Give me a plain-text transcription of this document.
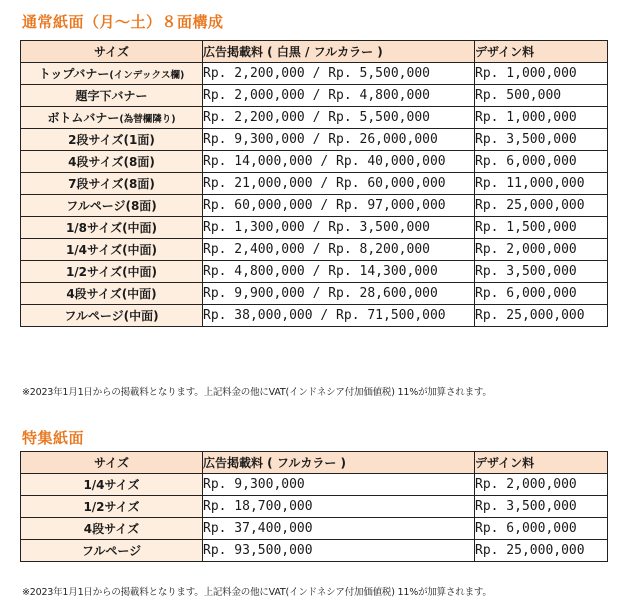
通常紙面（月〜土）８面構成
サイズ	広告掲載料 ( 白黒 / フルカラー )	デザイン料
トップバナー(インデックス欄)	Rp. 2,200,000 / Rp. 5,500,000	Rp. 1,000,000
題字下バナー	Rp. 2,000,000 / Rp. 4,800,000	Rp. 500,000
ボトムバナー(為替欄隣り)	Rp. 2,200,000 / Rp. 5,500,000	Rp. 1,000,000
2段サイズ(1面)	Rp. 9,300,000 / Rp. 26,000,000	Rp. 3,500,000
4段サイズ(8面)	Rp. 14,000,000 / Rp. 40,000,000	Rp. 6,000,000
7段サイズ(8面)	Rp. 21,000,000 / Rp. 60,000,000	Rp. 11,000,000
フルページ(8面)	Rp. 60,000,000 / Rp. 97,000,000	Rp. 25,000,000
1/8サイズ(中面)	Rp. 1,300,000 / Rp. 3,500,000	Rp. 1,500,000
1/4サイズ(中面)	Rp. 2,400,000 / Rp. 8,200,000	Rp. 2,000,000
1/2サイズ(中面)	Rp. 4,800,000 / Rp. 14,300,000	Rp. 3,500,000
4段サイズ(中面)	Rp. 9,900,000 / Rp. 28,600,000	Rp. 6,000,000
フルページ(中面)	Rp. 38,000,000 / Rp. 71,500,000	Rp. 25,000,000

※2023年1月1日からの掲載料となります。上記料金の他にVAT(インドネシア付加価値税) 11%が加算されます。

特集紙面
サイズ	広告掲載料 ( フルカラー )	デザイン料
1/4サイズ	Rp. 9,300,000	Rp. 2,000,000
1/2サイズ	Rp. 18,700,000	Rp. 3,500,000
4段サイズ	Rp. 37,400,000	Rp. 6,000,000
フルページ	Rp. 93,500,000	Rp. 25,000,000

※2023年1月1日からの掲載料となります。上記料金の他にVAT(インドネシア付加価値税) 11%が加算されます。
